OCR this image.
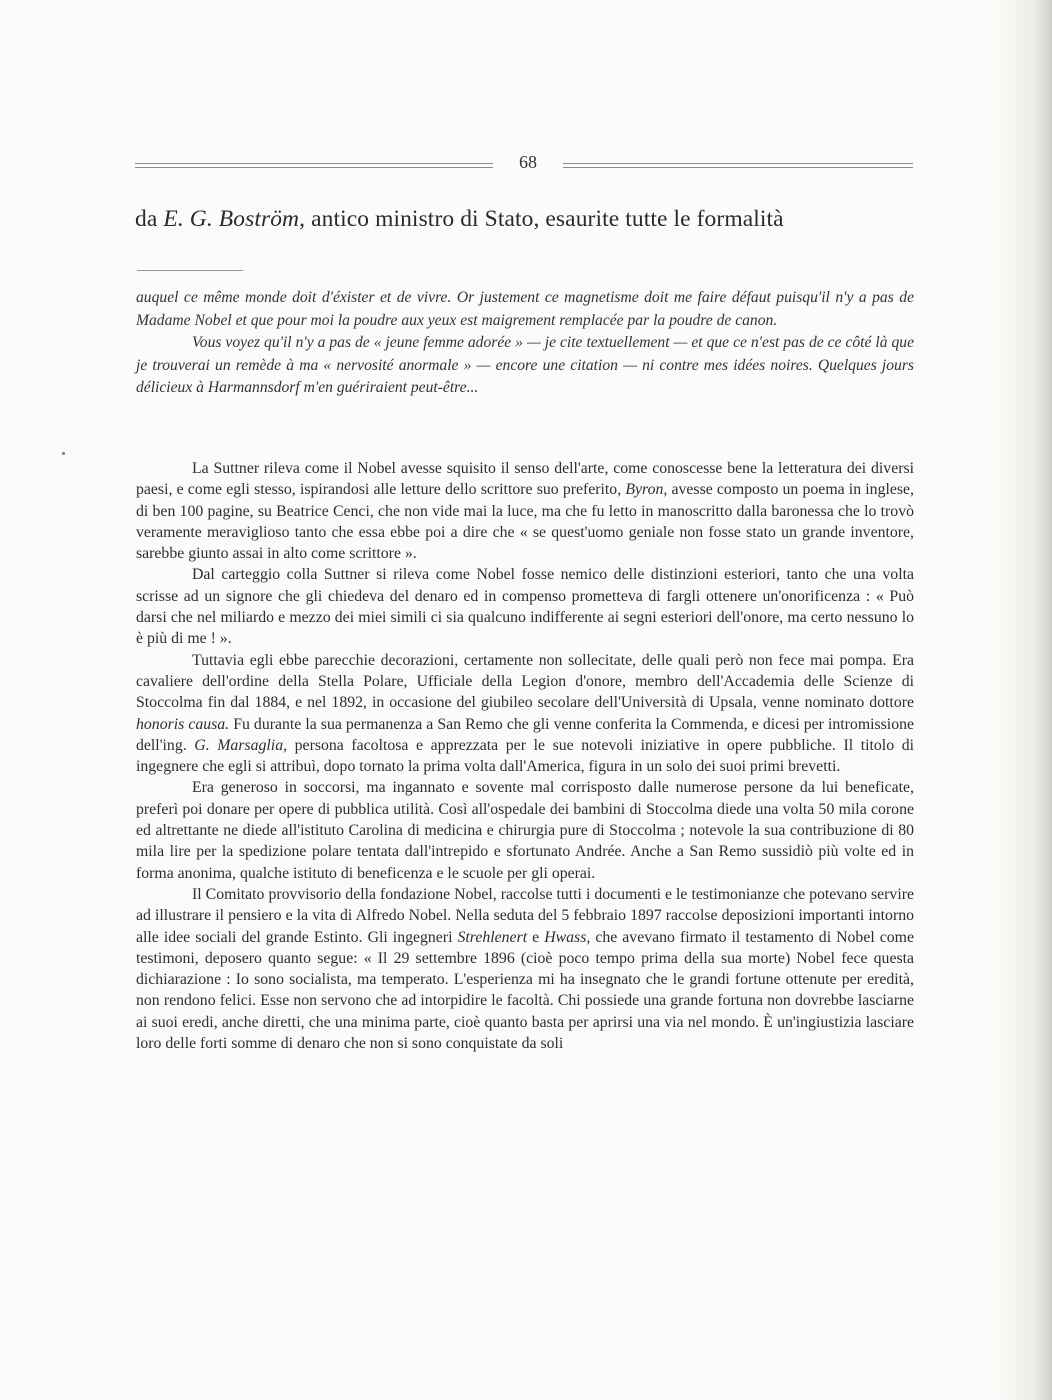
68
da E. G. Boström, antico ministro di Stato, esaurite tutte le formalità

auquel ce même monde doit d'éxister et de vivre. Or justement ce magnetisme doit me faire défaut puisqu'il n'y a pas de Madame Nobel et que pour moi la poudre aux yeux est maigrement remplacée par la poudre de canon.

Vous voyez qu'il n'y a pas de « jeune femme adorée » — je cite textuellement — et que ce n'est pas de ce côté là que je trouverai un remède à ma « nervosité anormale » — encore une citation — ni contre mes idées noires. Quelques jours délicieux à Harmannsdorf m'en guériraient peut-être...

La Suttner rileva come il Nobel avesse squisito il senso dell'arte, come conoscesse bene la letteratura dei diversi paesi, e come egli stesso, ispirandosi alle letture dello scrittore suo preferito, Byron, avesse composto un poema in inglese, di ben 100 pagine, su Beatrice Cenci, che non vide mai la luce, ma che fu letto in manoscritto dalla baronessa che lo trovò veramente meraviglioso tanto che essa ebbe poi a dire che « se quest'uomo geniale non fosse stato un grande inventore, sarebbe giunto assai in alto come scrittore ».

Dal carteggio colla Suttner si rileva come Nobel fosse nemico delle distinzioni esteriori, tanto che una volta scrisse ad un signore che gli chiedeva del denaro ed in compenso prometteva di fargli ottenere un'onorificenza : « Può darsi che nel miliardo e mezzo dei miei simili ci sia qualcuno indifferente ai segni esteriori dell'onore, ma certo nessuno lo è più di me ! ».

Tuttavia egli ebbe parecchie decorazioni, certamente non sollecitate, delle quali però non fece mai pompa. Era cavaliere dell'ordine della Stella Polare, Ufficiale della Legion d'onore, membro dell'Accademia delle Scienze di Stoccolma fin dal 1884, e nel 1892, in occasione del giubileo secolare dell'Università di Upsala, venne nominato dottore honoris causa. Fu durante la sua permanenza a San Remo che gli venne conferita la Commenda, e dicesi per intromissione dell'ing. G. Marsaglia, persona facoltosa e apprezzata per le sue notevoli iniziative in opere pubbliche. Il titolo di ingegnere che egli si attribuì, dopo tornato la prima volta dall'America, figura in un solo dei suoi primi brevetti.

Era generoso in soccorsi, ma ingannato e sovente mal corrisposto dalle numerose persone da lui beneficate, preferì poi donare per opere di pubblica utilità. Così all'ospedale dei bambini di Stoccolma diede una volta 50 mila corone ed altrettante ne diede all'istituto Carolina di medicina e chirurgia pure di Stoccolma ; notevole la sua contribuzione di 80 mila lire per la spedizione polare tentata dall'intrepido e sfortunato Andrée. Anche a San Remo sussidiò più volte ed in forma anonima, qualche istituto di beneficenza e le scuole per gli operai.

Il Comitato provvisorio della fondazione Nobel, raccolse tutti i documenti e le testimonianze che potevano servire ad illustrare il pensiero e la vita di Alfredo Nobel. Nella seduta del 5 febbraio 1897 raccolse deposizioni importanti intorno alle idee sociali del grande Estinto. Gli ingegneri Strehlenert e Hwass, che avevano firmato il testamento di Nobel come testimoni, deposero quanto segue: « Il 29 settembre 1896 (cioè poco tempo prima della sua morte) Nobel fece questa dichiarazione : Io sono socialista, ma temperato. L'esperienza mi ha insegnato che le grandi fortune ottenute per eredità, non rendono felici. Esse non servono che ad intorpidire le facoltà. Chi possiede una grande fortuna non dovrebbe lasciarne ai suoi eredi, anche diretti, che una minima parte, cioè quanto basta per aprirsi una via nel mondo. È un'ingiustizia lasciare loro delle forti somme di denaro che non si sono conquistate da soli
